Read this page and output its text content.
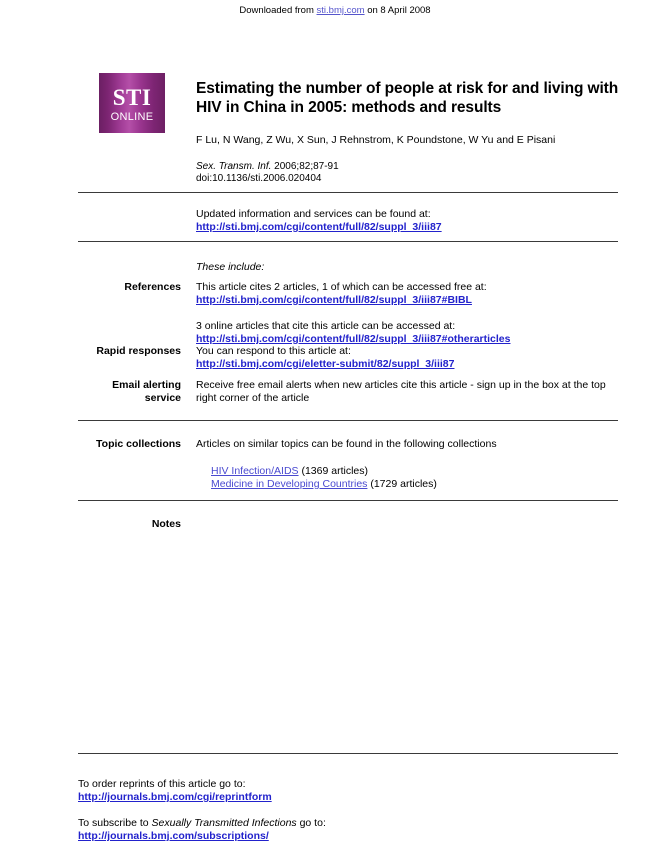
Downloaded from sti.bmj.com on 8 April 2008
STI
ONLINE
Estimating the number of people at risk for and living with HIV in China in 2005: methods and results
F Lu, N Wang, Z Wu, X Sun, J Rehnstrom, K Poundstone, W Yu and E Pisani
Sex. Transm. Inf. 2006;82;87-91
doi:10.1136/sti.2006.020404
Updated information and services can be found at:
http://sti.bmj.com/cgi/content/full/82/suppl_3/iii87
These include:
References This article cites 2 articles, 1 of which can be accessed free at:
http://sti.bmj.com/cgi/content/full/82/suppl_3/iii87#BIBL
3 online articles that cite this article can be accessed at:
http://sti.bmj.com/cgi/content/full/82/suppl_3/iii87#otherarticles
Rapid responses You can respond to this article at:
http://sti.bmj.com/cgi/eletter-submit/82/suppl_3/iii87
Email alerting
service
Receive free email alerts when new articles cite this article - sign up in the box at the top right corner of the article
Topic collections Articles on similar topics can be found in the following collections
HIV Infection/AIDS (1369 articles)
Medicine in Developing Countries (1729 articles)
Notes
To order reprints of this article go to:
http://journals.bmj.com/cgi/reprintform
To subscribe to Sexually Transmitted Infections go to:
http://journals.bmj.com/subscriptions/
